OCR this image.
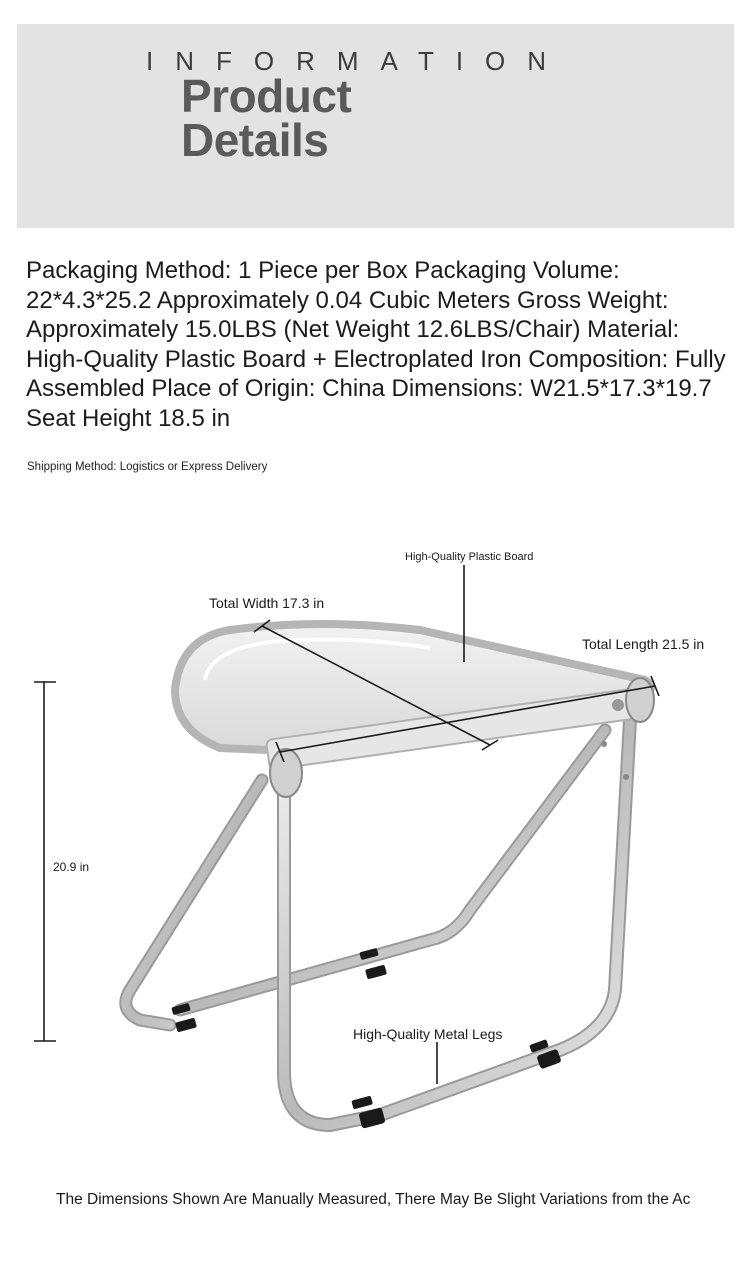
INFORMATION
Product
Details
Packaging Method: 1 Piece per Box Packaging Volume: 22*4.3*25.2 Approximately 0.04 Cubic Meters Gross Weight: Approximately 15.0LBS (Net Weight 12.6LBS/Chair) Material: High-Quality Plastic Board + Electroplated Iron Composition: Fully Assembled Place of Origin: China Dimensions: W21.5*17.3*19.7 Seat Height 18.5 in
Shipping Method: Logistics or Express Delivery
High-Quality Plastic Board
Total Width 17.3 in
Total Length 21.5 in
20.9 in
High-Quality Metal Legs
The Dimensions Shown Are Manually Measured, There May Be Slight Variations from the Ac
